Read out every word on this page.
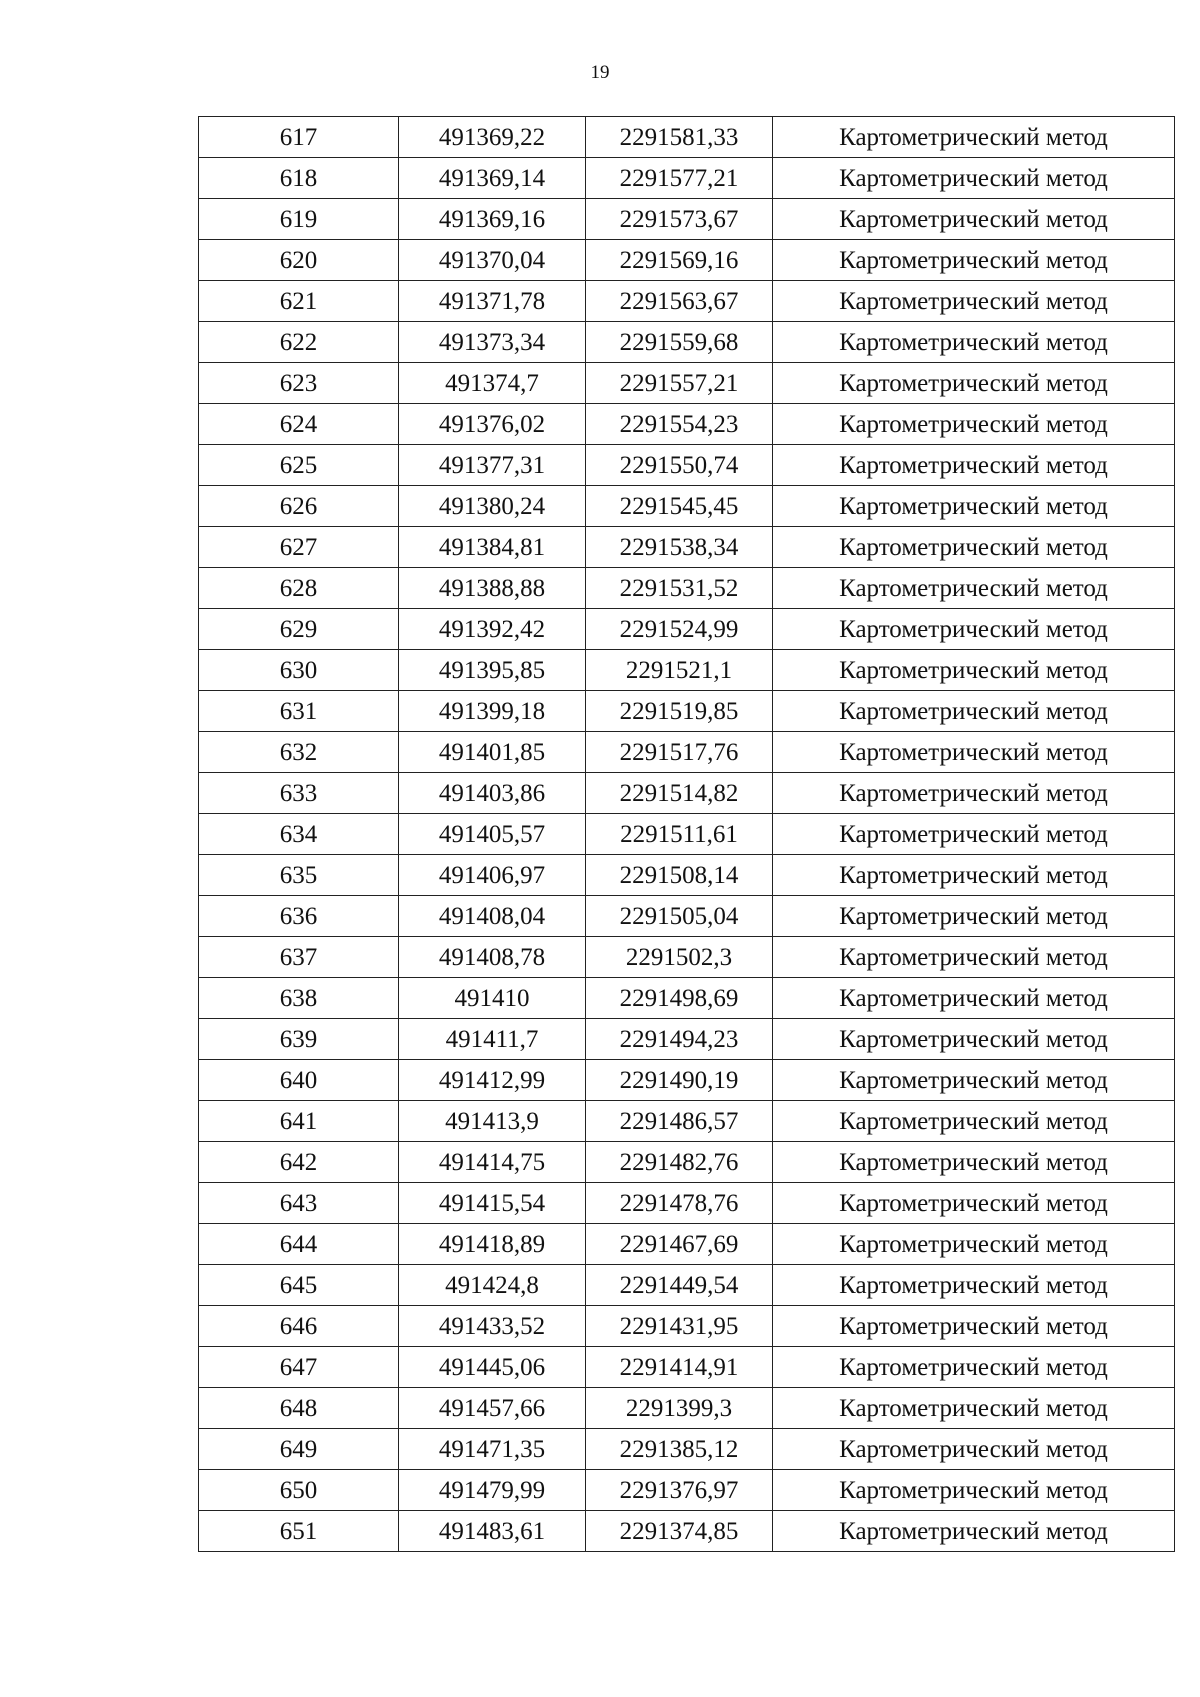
19
617	491369,22	2291581,33	Картометрический метод
618	491369,14	2291577,21	Картометрический метод
619	491369,16	2291573,67	Картометрический метод
620	491370,04	2291569,16	Картометрический метод
621	491371,78	2291563,67	Картометрический метод
622	491373,34	2291559,68	Картометрический метод
623	491374,7	2291557,21	Картометрический метод
624	491376,02	2291554,23	Картометрический метод
625	491377,31	2291550,74	Картометрический метод
626	491380,24	2291545,45	Картометрический метод
627	491384,81	2291538,34	Картометрический метод
628	491388,88	2291531,52	Картометрический метод
629	491392,42	2291524,99	Картометрический метод
630	491395,85	2291521,1	Картометрический метод
631	491399,18	2291519,85	Картометрический метод
632	491401,85	2291517,76	Картометрический метод
633	491403,86	2291514,82	Картометрический метод
634	491405,57	2291511,61	Картометрический метод
635	491406,97	2291508,14	Картометрический метод
636	491408,04	2291505,04	Картометрический метод
637	491408,78	2291502,3	Картометрический метод
638	491410	2291498,69	Картометрический метод
639	491411,7	2291494,23	Картометрический метод
640	491412,99	2291490,19	Картометрический метод
641	491413,9	2291486,57	Картометрический метод
642	491414,75	2291482,76	Картометрический метод
643	491415,54	2291478,76	Картометрический метод
644	491418,89	2291467,69	Картометрический метод
645	491424,8	2291449,54	Картометрический метод
646	491433,52	2291431,95	Картометрический метод
647	491445,06	2291414,91	Картометрический метод
648	491457,66	2291399,3	Картометрический метод
649	491471,35	2291385,12	Картометрический метод
650	491479,99	2291376,97	Картометрический метод
651	491483,61	2291374,85	Картометрический метод
